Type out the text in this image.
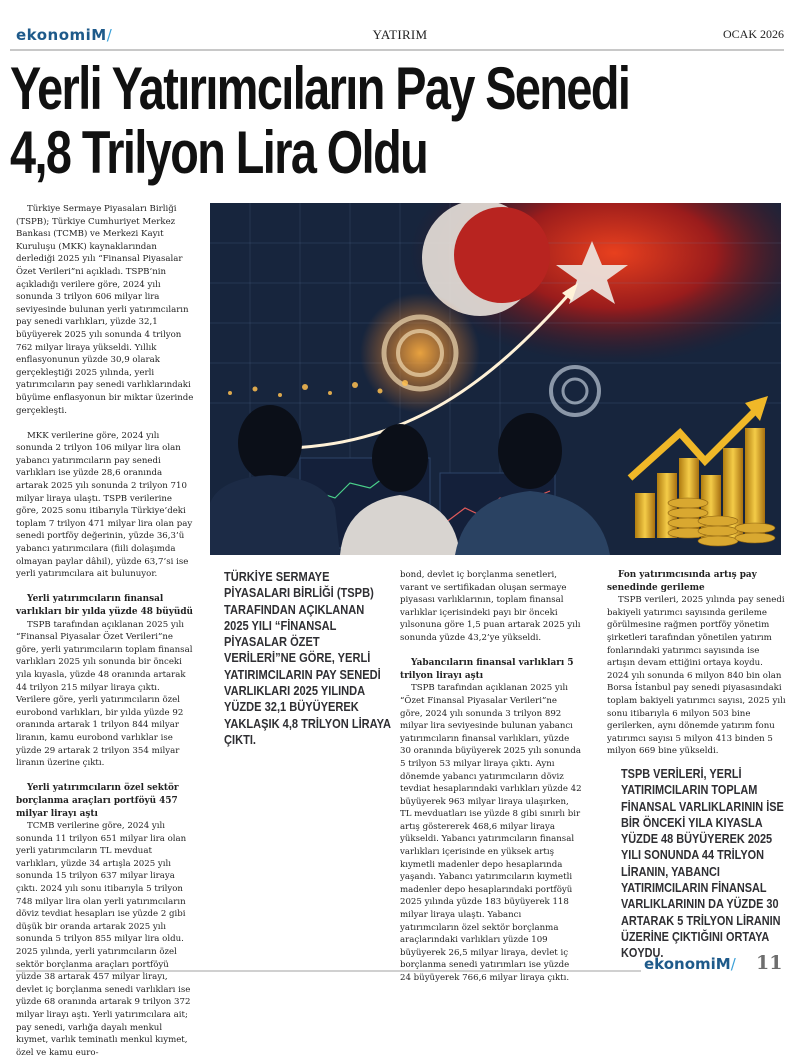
ekonomiM/	YATIRIM	OCAK 2026
Yerli Yatırımcıların Pay Senedi
4,8 Trilyon Lira Oldu

Türkiye Sermaye Piyasaları Birliği (TSPB); Türkiye Cumhuriyet Merkez Bankası (TCMB) ve Merkezi Kayıt Kuruluşu (MKK) kaynaklarından derlediği 2025 yılı “Finansal Piyasalar Özet Verileri”ni açıkladı. TSPB’nin açıkladığı verilere göre, 2024 yılı sonunda 3 trilyon 606 milyar lira seviyesinde bulunan yerli yatırımcıların pay senedi varlıkları, yüzde 32,1 büyüyerek 2025 yılı sonunda 4 trilyon 762 milyar liraya yükseldi. Yıllık enflasyonunun yüzde 30,9 olarak gerçekleştiği 2025 yılında, yerli yatırımcıların pay senedi varlıklarındaki büyüme enflasyonun bir miktar üzerinde gerçekleşti.

MKK verilerine göre, 2024 yılı sonunda 2 trilyon 106 milyar lira olan yabancı yatırımcıların pay senedi varlıkları ise yüzde 28,6 oranında artarak 2025 yılı sonunda 2 trilyon 710 milyar liraya ulaştı. TSPB verilerine göre, 2025 sonu itibarıyla Türkiye’deki toplam 7 trilyon 471 milyar lira olan pay senedi portföy değerinin, yüzde 36,3’ü yabancı yatırımcılara (fiili dolaşımda olmayan paylar dâhil), yüzde 63,7’si ise yerli yatırımcılara ait bulunuyor.

Yerli yatırımcıların finansal varlıkları bir yılda yüzde 48 büyüdü

TSPB tarafından açıklanan 2025 yılı “Finansal Piyasalar Özet Verileri”ne göre, yerli yatırımcıların toplam finansal varlıkları 2025 yılı sonunda bir önceki yıla kıyasla, yüzde 48 oranında artarak 44 trilyon 215 milyar liraya çıktı. Verilere göre, yerli yatırımcıların özel eurobond varlıkları, bir yılda yüzde 92 oranında artarak 1 trilyon 844 milyar liranın, kamu eurobond varlıklar ise yüzde 29 artarak 2 trilyon 354 milyar liranın üzerine çıktı.

Yerli yatırımcıların özel sektör borçlanma araçları portföyü 457 milyar lirayı aştı

TCMB verilerine göre, 2024 yılı sonunda 11 trilyon 651 milyar lira olan yerli yatırımcıların TL mevduat varlıkları, yüzde 34 artışla 2025 yılı sonunda 15 trilyon 637 milyar liraya çıktı. 2024 yılı sonu itibarıyla 5 trilyon 748 milyar lira olan yerli yatırımcıların döviz tevdiat hesapları ise yüzde 2 gibi düşük bir oranda artarak 2025 yılı sonunda 5 trilyon 855 milyar lira oldu. 2025 yılında, yerli yatırımcıların özel sektör borçlanma araçları portföyü yüzde 38 artarak 457 milyar lirayı, devlet iç borçlanma senedi varlıkları ise yüzde 68 oranında artarak 9 trilyon 372 milyar lirayı aştı. Yerli yatırımcılara ait; pay senedi, varlığa dayalı menkul kıymet, varlık teminatlı menkul kıymet, özel ve kamu euro-

TÜRKİYE SERMAYE PİYASALARI BİRLİĞİ (TSPB) TARAFINDAN AÇIKLANAN 2025 YILI “FİNANSAL PİYASALAR ÖZET VERİLERİ”NE GÖRE, YERLİ YATIRIMCILARIN PAY SENEDİ VARLIKLARI 2025 YILINDA YÜZDE 32,1 BÜYÜYEREK YAKLAŞIK 4,8 TRİLYON LİRAYA ÇIKTI.

bond, devlet iç borçlanma senetleri, varant ve sertifikadan oluşan sermaye piyasası varlıklarının, toplam finansal varlıklar içerisindeki payı bir önceki yılsonuna göre 1,5 puan artarak 2025 yılı sonunda yüzde 43,2’ye yükseldi.

Yabancıların finansal varlıkları 5 trilyon lirayı aştı

TSPB tarafından açıklanan 2025 yılı “Özet Finansal Piyasalar Verileri”ne göre, 2024 yılı sonunda 3 trilyon 892 milyar lira seviyesinde bulunan yabancı yatırımcıların finansal varlıkları, yüzde 30 oranında büyüyerek 2025 yılı sonunda 5 trilyon 53 milyar liraya çıktı. Aynı dönemde yabancı yatırımcıların döviz tevdiat hesaplarındaki varlıkları yüzde 42 büyüyerek 963 milyar liraya ulaşırken, TL mevduatları ise yüzde 8 gibi sınırlı bir artış göstererek 468,6 milyar liraya yükseldi. Yabancı yatırımcıların finansal varlıkları içerisinde en yüksek artış kıymetli madenler depo hesaplarında yaşandı. Yabancı yatırımcıların kıymetli madenler depo hesaplarındaki portföyü 2025 yılında yüzde 183 büyüyerek 118 milyar liraya ulaştı. Yabancı yatırımcıların özel sektör borçlanma araçlarındaki varlıkları yüzde 109 büyüyerek 26,5 milyar liraya, devlet iç borçlanma senedi yatırımları ise yüzde 24 büyüyerek 766,6 milyar liraya çıktı.

Fon yatırımcısında artış pay senedinde gerileme

TSPB verileri, 2025 yılında pay senedi bakiyeli yatırımcı sayısında gerileme görülmesine rağmen portföy yönetim şirketleri tarafından yönetilen yatırım fonlarındaki yatırımcı sayısında ise artışın devam ettiğini ortaya koydu. 2024 yılı sonunda 6 milyon 840 bin olan Borsa İstanbul pay senedi piyasasındaki toplam bakiyeli yatırımcı sayısı, 2025 yılı sonu itibarıyla 6 milyon 503 bine gerilerken, aynı dönemde yatırım fonu yatırımcı sayısı 5 milyon 413 binden 5 milyon 669 bine yükseldi.

TSPB VERİLERİ, YERLİ YATIRIMCILARIN TOPLAM FİNANSAL VARLIKLARININ İSE BİR ÖNCEKİ YILA KIYASLA YÜZDE 48 BÜYÜYEREK 2025 YILI SONUNDA 44 TRİLYON LİRANIN, YABANCI YATIRIMCILARIN FİNANSAL VARLIKLARININ DA YÜZDE 30 ARTARAK 5 TRİLYON LİRANIN ÜZERİNE ÇIKTIĞINI ORTAYA KOYDU.
ekonomiM/ 11
